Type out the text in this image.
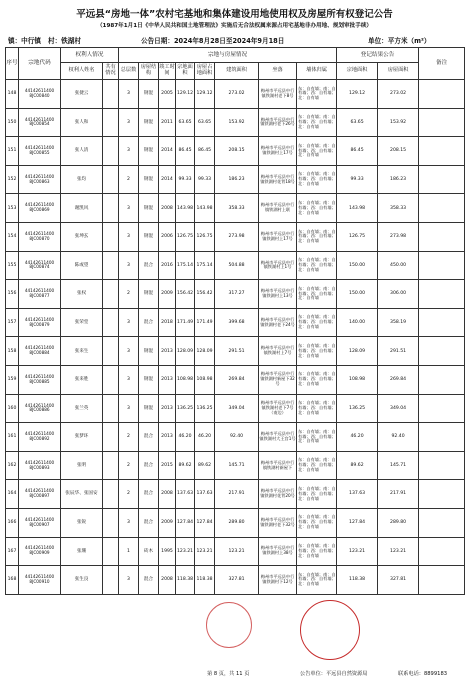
平远县“房地一体”农村宅基地和集体建设用地使用权及房屋所有权登记公告
（1987年1月1日《中华人民共和国土地管理法》实施后无合法权属来源占用宅基地非办用地、规划审批手续）
镇：中行镇 村：铁湖村	公告日期：2024年8月28日至2024年9月18日	单位：平方米（m²）
序号	宗地代码	权利人情况		宗地与房屋情况								登记结果公告		备注
		权利人姓名	共有情况	总层数	房屋结构	竣工时间	宗地面积	房屋占地面积	建筑面积	坐落	墙体归属	宗地面积	房屋面积	
148	44142611400 8JC00840	张捷云		3	钢混	2005	129.12	129.12	273.02	梅州市平远县中行镇铁湖村老下8号	东：自有墙；南：自有墙；西：自有墙；北：自有墙	129.12	273.02	
150	44142611400 8JC00854	张人和		3	钢混	2011	63.65	63.65	153.92	梅州市平远县中行镇铁湖村老下26号	东：自有墙；南：自有墙；西：自有墙；北：自有墙	63.65	153.92	
151	44142611400 8JC00855	张人清		3	钢混	2014	86.45	86.45	208.15	梅州市平远县中行镇铁湖村上17号	东：自有墙；南：自有墙；西：自有墙；北：自有墙	86.45	208.15	
152	44142611400 8JC00863	张均		2	钢混	2014	99.33	99.33	186.23	梅州市平远县中行镇铁湖村花背18号	东：自有墙；南：自有墙；西：自有墙；北：自有墙	99.33	186.23	
153	44142611400 8JC00869	谢凯风		3	钢混	2008	143.98	143.98	358.33	梅州市平远县中行镇铁湖村上联	东：自有墙；南：自有墙；西：自有墙；北：自有墙	143.98	358.33	
154	44142611400 8JC00870	张坤玄		3	钢混	2006	126.75	126.75	273.98	梅州市平远县中行镇铁湖村上17号	东：自有墙；南：自有墙；西：自有墙；北：自有墙	126.75	273.98	
155	44142611400 8JC00874	陈或望		3	混合	2016	175.14	175.14	504.88	梅州市平远县中行镇铁湖村上1号	东：自有墙；南：自有墙；西：自有墙；北：自有墙	150.00	450.00	
156	44142611400 8JC00877	张权		2	钢混	2009	156.42	156.42	317.27	梅州市平远县中行镇铁湖村上13号	东：自有墙；南：自有墙；西：自有墙；北：自有墙	150.00	306.00	
157	44142611400 8JC00879	张荣堂		3	混合	2018	171.49	171.49	399.68	梅州市平远县中行镇铁湖村老下24号	东：自有墙；南：自有墙；西：自有墙；北：自有墙	140.00	358.19	
158	44142611400 8JC00884	张来生		3	钢混	2013	128.09	128.09	291.51	梅州市平远县中行镇铁湖村上7号	东：自有墙；南：自有墙；西：自有墙；北：自有墙	128.09	291.51	
159	44142611400 8JC00885	张来胜		3	钢混	2013	108.98	108.98	269.84	梅州市平远县中行镇铁湖村新屋下32号	东：自有墙；南：自有墙；西：自有墙；北：自有墙	108.98	269.84	
160	44142611400 8JC00886	张兰英		3	钢混	2013	136.25	136.25	349.04	梅州市平远县中行镇铁湖村老下7号（南边）	东：自有墙；南：自有墙；西：自有墙；北：自有墙	136.25	349.04	
161	44142611400 8JC00892	张梦环		2	混合	2013	46.20	46.20	92.40	梅州市平远县中行镇铁湖村大王宫1号	东：自有墙；南：自有墙；西：自有墙；北：自有墙	46.20	92.40	
162	44142611400 8JC00893	张明		2	混合	2015	89.62	89.62	145.71	梅州市平远县中行镇铁湖村新屋下	东：自有墙；南：自有墙；西：自有墙；北：自有墙	89.62	145.71	
164	44142611400 8JC00897	张辰华、张国安		2	混合	2008	137.63	137.63	217.91	梅州市平远县中行镇铁湖村花背20号	东：自有墙；南：自有墙；西：自有墙；北：自有墙	137.63	217.91	
166	44142611400 8JC00907	张锐		3	混合	2009	127.84	127.84	289.80	梅州市平远县中行镇铁湖村老下32号	东：自有墙；南：自有墙；西：自有墙；北：自有墙	127.84	289.80	
167	44142611400 8JC00909	张珊		1	砖木	1995	123.21	123.21	123.21	梅州市平远县中行镇铁湖村上38号	东：自有墙；南：自有墙；西：自有墙；北：自有墙	123.21	123.21	
168	44142611400 8JC00910	张生良		3	混合	2008	118.38	118.38	327.81	梅州市平远县中行镇铁湖村下12号	东：自有墙；南：自有墙；西：自有墙；北：自有墙	118.38	327.81	
第 8 页，共 11 页	公告单位：平远县自然资源局	联系电话：8899183
